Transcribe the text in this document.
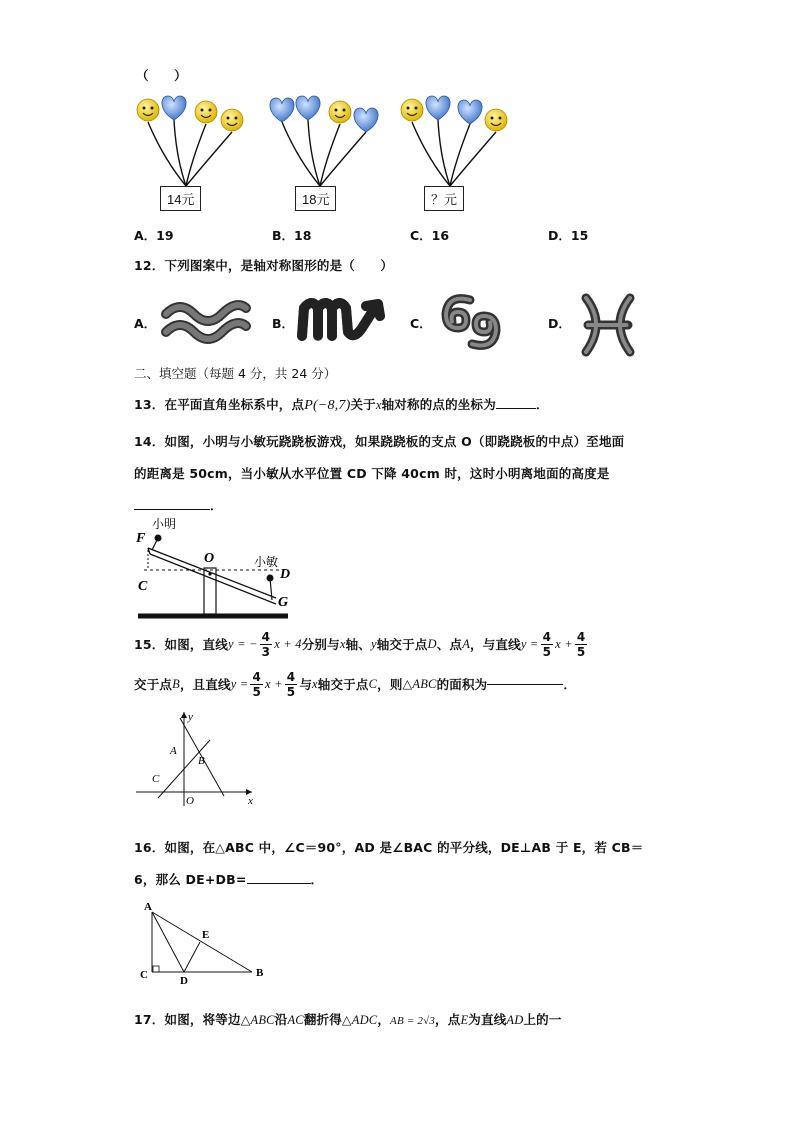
（　　）
14元	18元	？元
A．19	B．18	C．16	D．15
12．下列图案中，是轴对称图形的是（　　）
A．	B．	C．	D．
二、填空题（每题 4 分，共 24 分）
13．在平面直角坐标系中，点P(−8,7)关于x轴对称的点的坐标为	．
14．如图，小明与小敏玩跷跷板游戏，如果跷跷板的支点 O（即跷跷板的中点）至地面
的距离是 50cm，当小敏从水平位置 CD 下降 40cm 时，这时小明离地面的高度是
．
F
C
O
D
G
小明
小敏
15．如图，直线 y = − $\frac{4}{3}$ x + 4 分别与 x 轴、 y 轴交于点 D 、点 A ，与直线 $y = \frac{4}{5}$ $x + \frac{4}{5}$
交于点 B ，且直线 $y = \frac{4}{5}$ $x + \frac{4}{5}$ 与 x 轴交于点 C ，则 △ABC 的面积为	．
y
x
A
B
C
O
16．如图，在△ABC 中，∠C＝90°，AD 是∠BAC 的平分线，DE⊥AB 于 E，若 CB＝
6，那么 DE+DB=	．
A
B
C	D
E
17．如图，将等边△ABC沿AC翻折得△ADC，AB = 2√3，点E为直线AD上的一
